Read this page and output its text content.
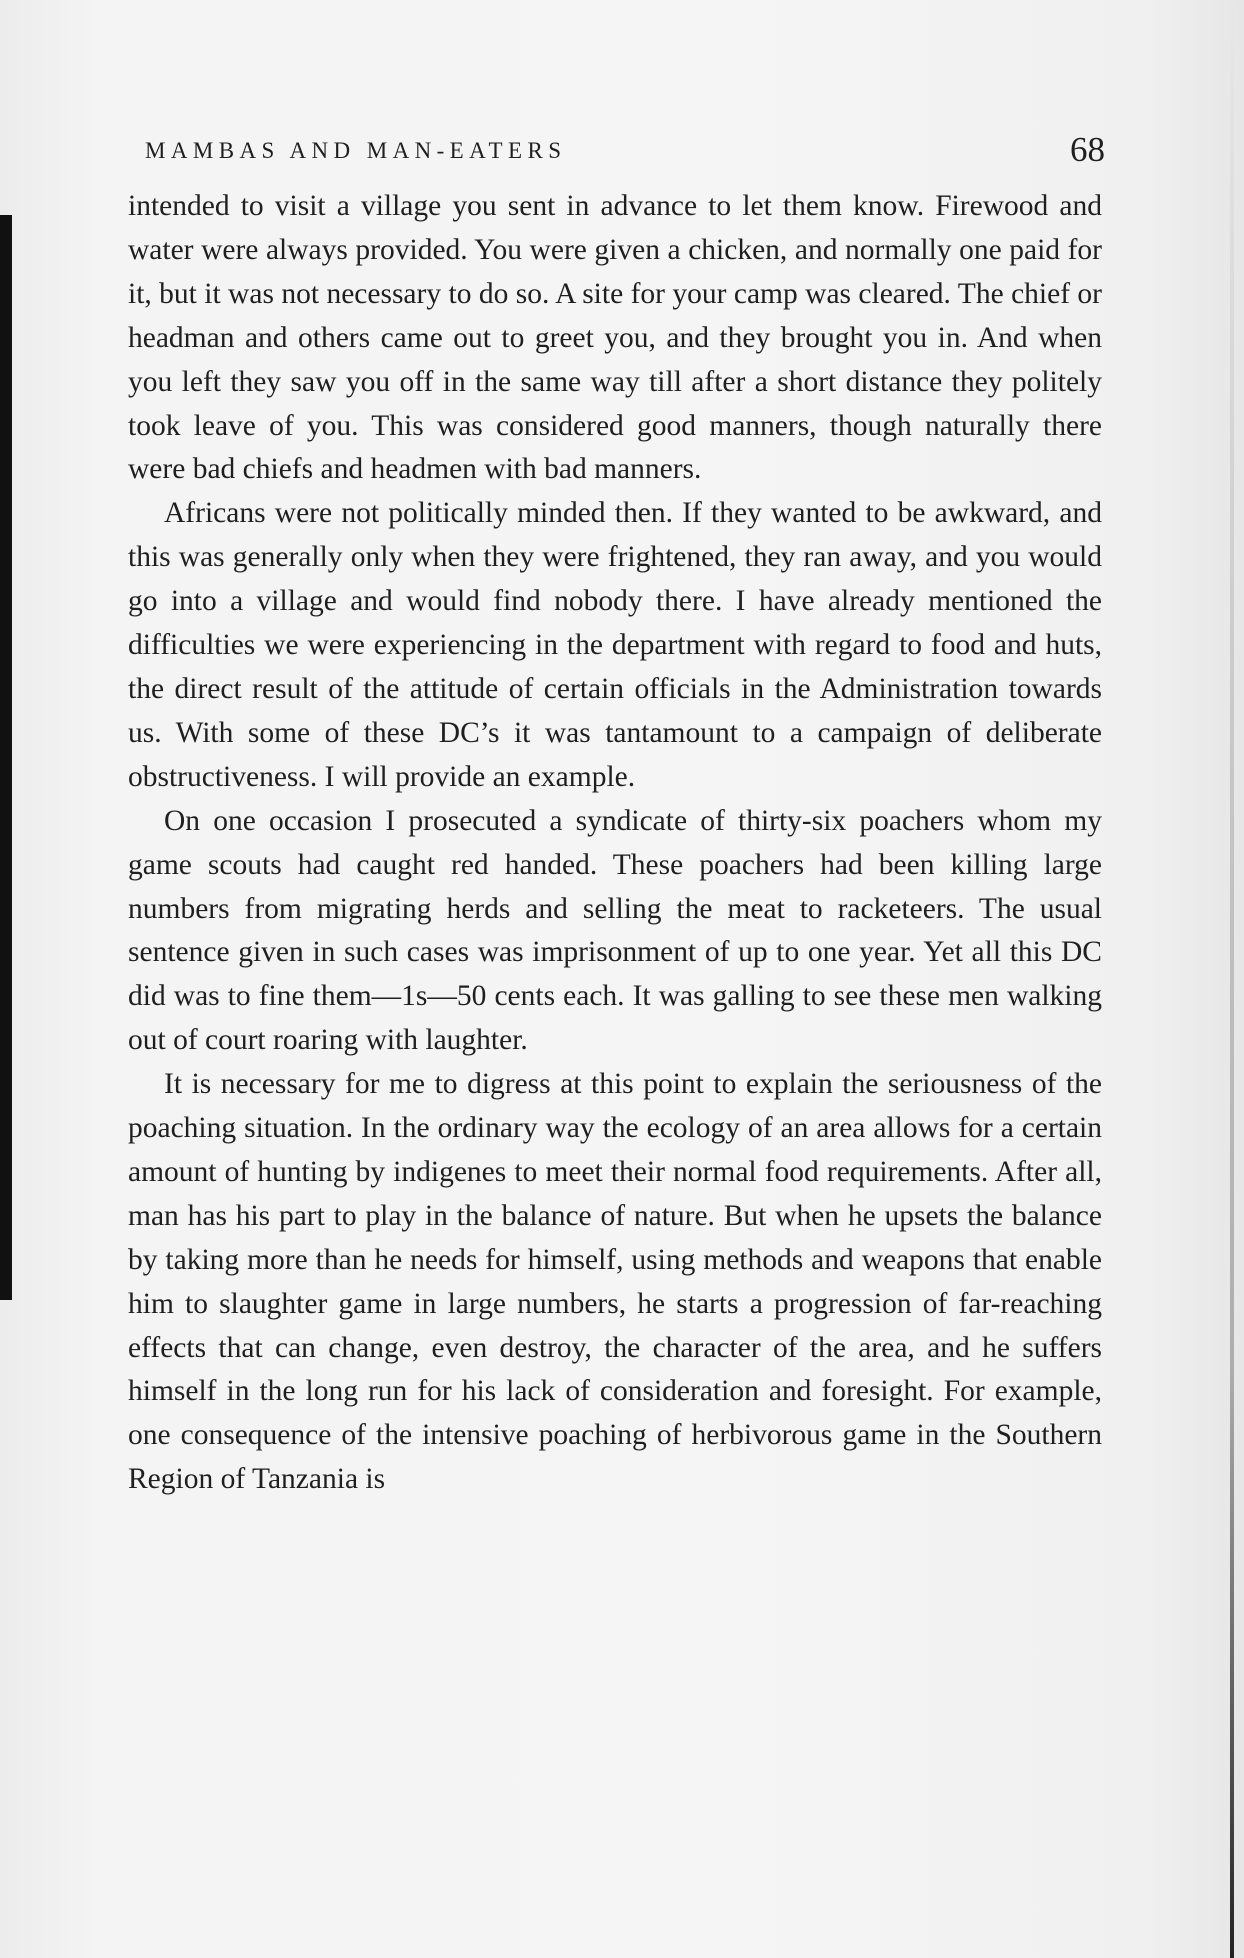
MAMBAS AND MAN-EATERS	68

intended to visit a village you sent in advance to let them know. Firewood and water were always provided. You were given a chicken, and normally one paid for it, but it was not necessary to do so. A site for your camp was cleared. The chief or headman and others came out to greet you, and they brought you in. And when you left they saw you off in the same way till after a short distance they politely took leave of you. This was considered good manners, though naturally there were bad chiefs and headmen with bad manners.

Africans were not politically minded then. If they wanted to be awkward, and this was generally only when they were frightened, they ran away, and you would go into a village and would find nobody there. I have already mentioned the difficulties we were experiencing in the department with regard to food and huts, the direct result of the attitude of certain officials in the Administration towards us. With some of these DC’s it was tantamount to a campaign of deliberate obstructiveness. I will provide an example.

On one occasion I prosecuted a syndicate of thirty-six poachers whom my game scouts had caught red handed. These poachers had been killing large numbers from migrating herds and selling the meat to racketeers. The usual sentence given in such cases was imprisonment of up to one year. Yet all this DC did was to fine them—1s—50 cents each. It was galling to see these men walking out of court roaring with laughter.

It is necessary for me to digress at this point to explain the seriousness of the poaching situation. In the ordinary way the ecology of an area allows for a certain amount of hunting by indigenes to meet their normal food requirements. After all, man has his part to play in the balance of nature. But when he upsets the balance by taking more than he needs for himself, using methods and weapons that enable him to slaughter game in large numbers, he starts a progression of far-reaching effects that can change, even destroy, the character of the area, and he suffers himself in the long run for his lack of consideration and foresight. For example, one consequence of the intensive poaching of herbivorous game in the Southern Region of Tanzania is
